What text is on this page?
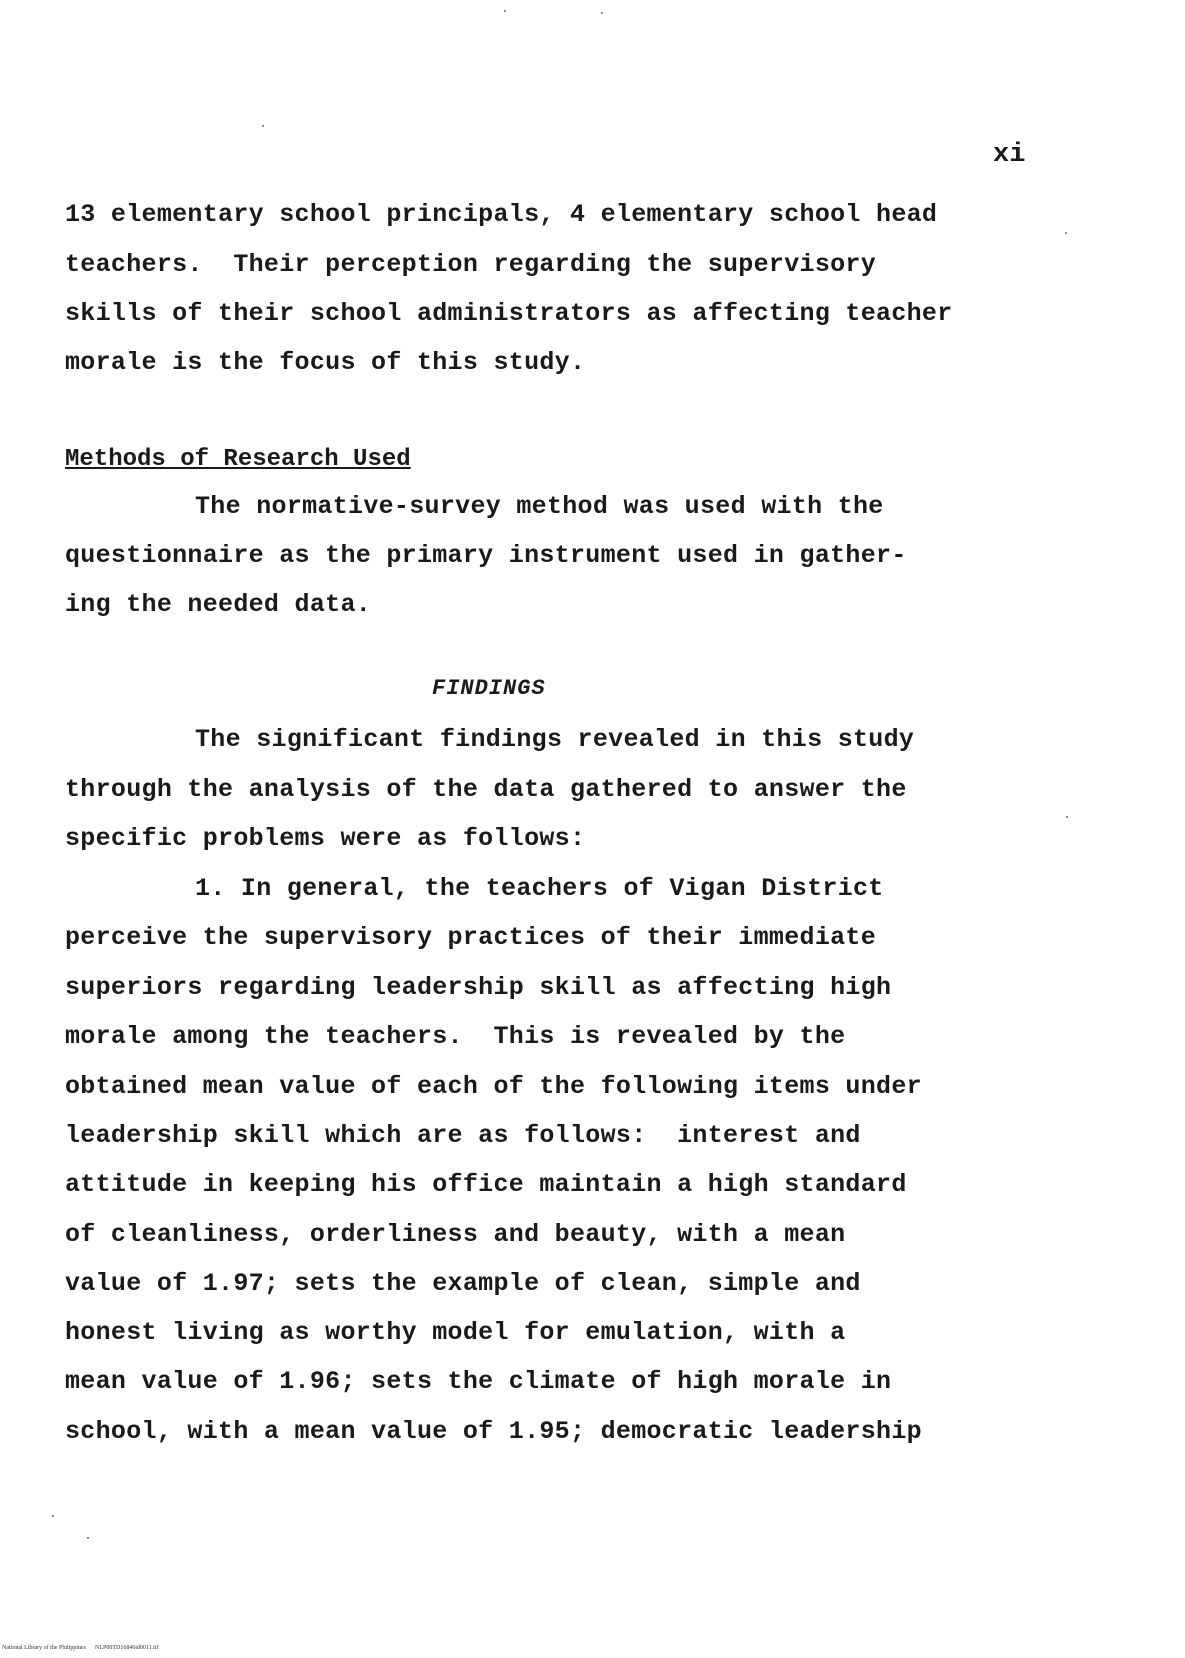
xi
13 elementary school principals, 4 elementary school head
teachers.  Their perception regarding the supervisory
skills of their school administrators as affecting teacher
morale is the focus of this study.
Methods of Research Used
The normative-survey method was used with the
questionnaire as the primary instrument used in gather-
ing the needed data.
FINDINGS
The significant findings revealed in this study
through the analysis of the data gathered to answer the
specific problems were as follows:
1. In general, the teachers of Vigan District
perceive the supervisory practices of their immediate
superiors regarding leadership skill as affecting high
morale among the teachers.  This is revealed by the
obtained mean value of each of the following items under
leadership skill which are as follows:  interest and
attitude in keeping his office maintain a high standard
of cleanliness, orderliness and beauty, with a mean
value of 1.97; sets the example of clean, simple and
honest living as worthy model for emulation, with a
mean value of 1.96; sets the climate of high morale in
school, with a mean value of 1.95; democratic leadership
National Library of the Philippines NLP00TD16846td0011.tif
